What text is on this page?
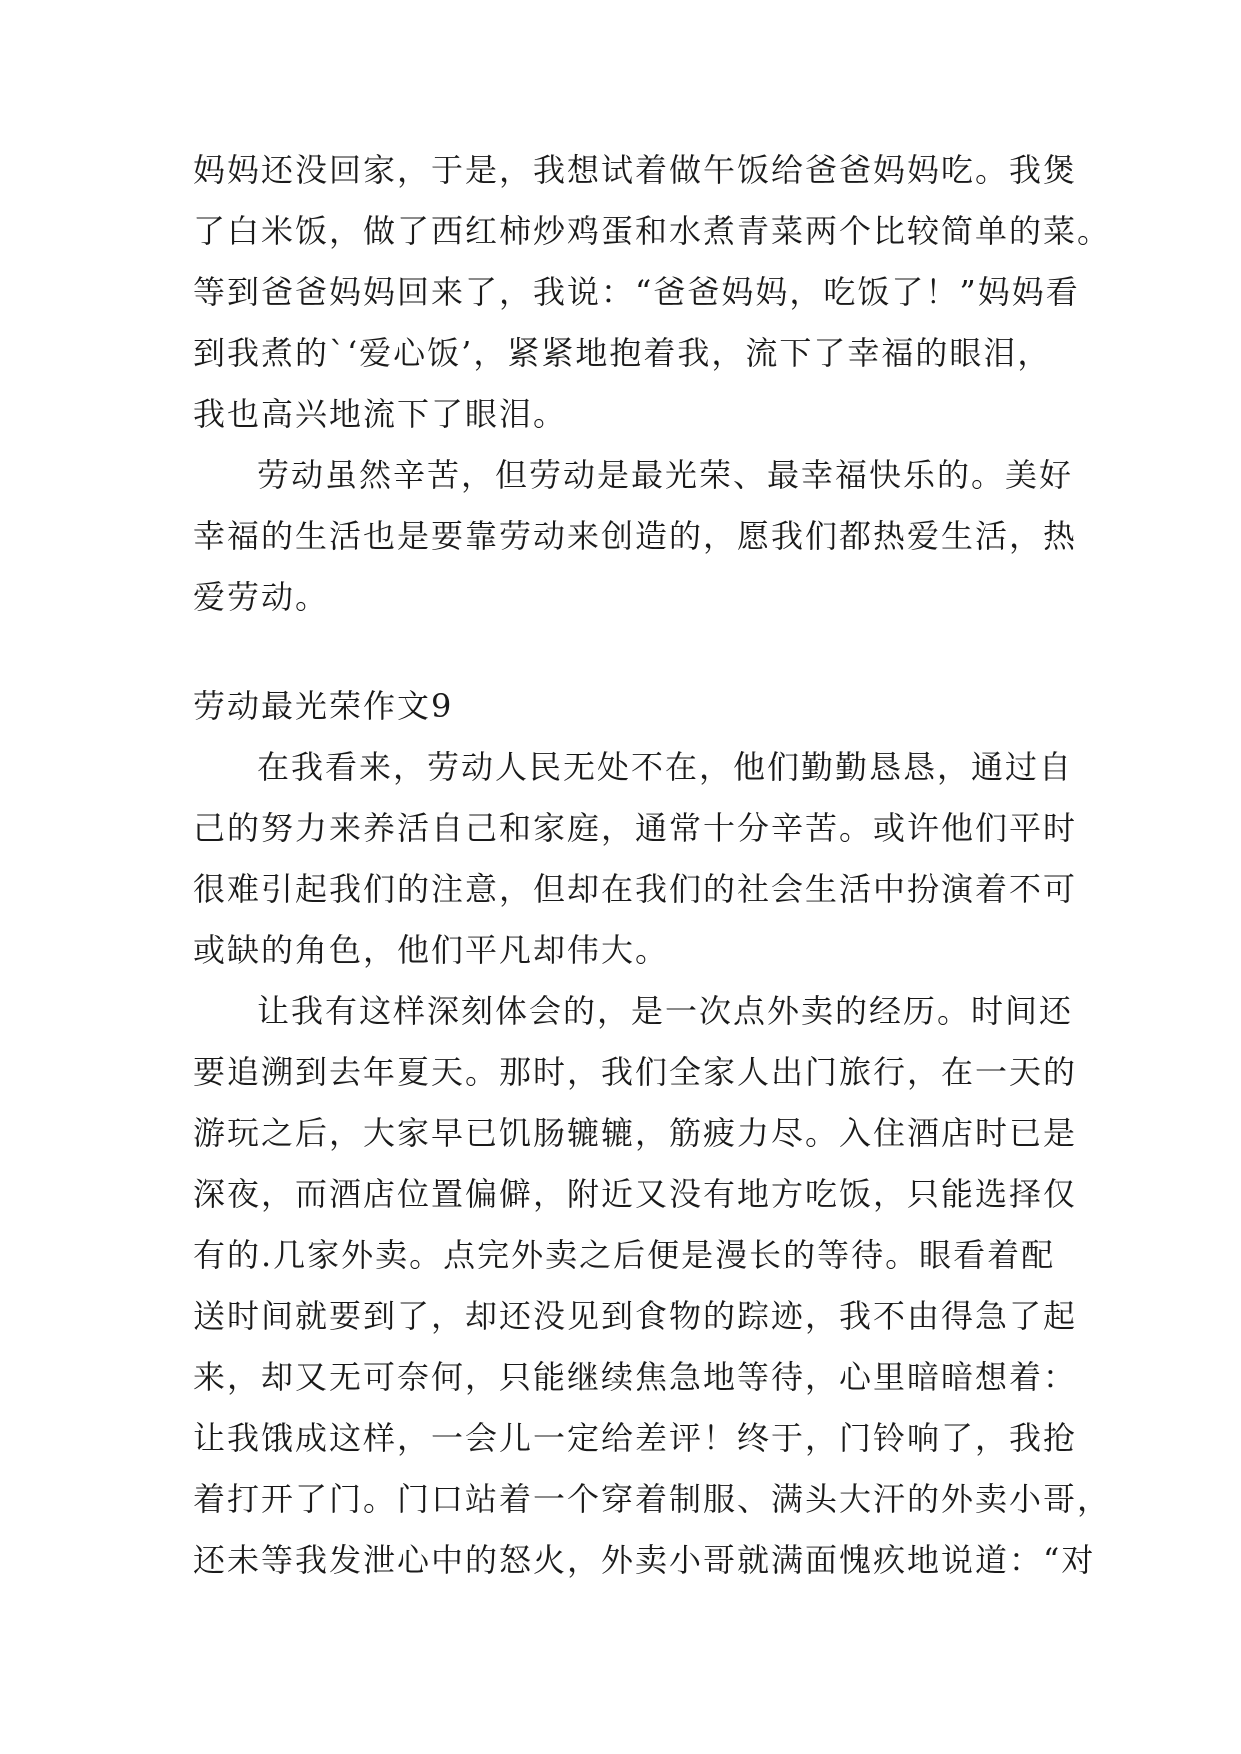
妈妈还没回家，于是，我想试着做午饭给爸爸妈妈吃。我煲
了白米饭，做了西红柿炒鸡蛋和水煮青菜两个比较简单的菜。
等到爸爸妈妈回来了，我说：“爸爸妈妈，吃饭了！”妈妈看
到我煮的`‘爱心饭’，紧紧地抱着我，流下了幸福的眼泪，
我也高兴地流下了眼泪。
劳动虽然辛苦，但劳动是最光荣、最幸福快乐的。美好
幸福的生活也是要靠劳动来创造的，愿我们都热爱生活，热
爱劳动。
劳动最光荣作文9
在我看来，劳动人民无处不在，他们勤勤恳恳，通过自
己的努力来养活自己和家庭，通常十分辛苦。或许他们平时
很难引起我们的注意，但却在我们的社会生活中扮演着不可
或缺的角色，他们平凡却伟大。
让我有这样深刻体会的，是一次点外卖的经历。时间还
要追溯到去年夏天。那时，我们全家人出门旅行，在一天的
游玩之后，大家早已饥肠辘辘，筋疲力尽。入住酒店时已是
深夜，而酒店位置偏僻，附近又没有地方吃饭，只能选择仅
有的.几家外卖。点完外卖之后便是漫长的等待。眼看着配
送时间就要到了，却还没见到食物的踪迹，我不由得急了起
来，却又无可奈何，只能继续焦急地等待，心里暗暗想着：
让我饿成这样，一会儿一定给差评！终于，门铃响了，我抢
着打开了门。门口站着一个穿着制服、满头大汗的外卖小哥，
还未等我发泄心中的怒火，外卖小哥就满面愧疚地说道：“对
